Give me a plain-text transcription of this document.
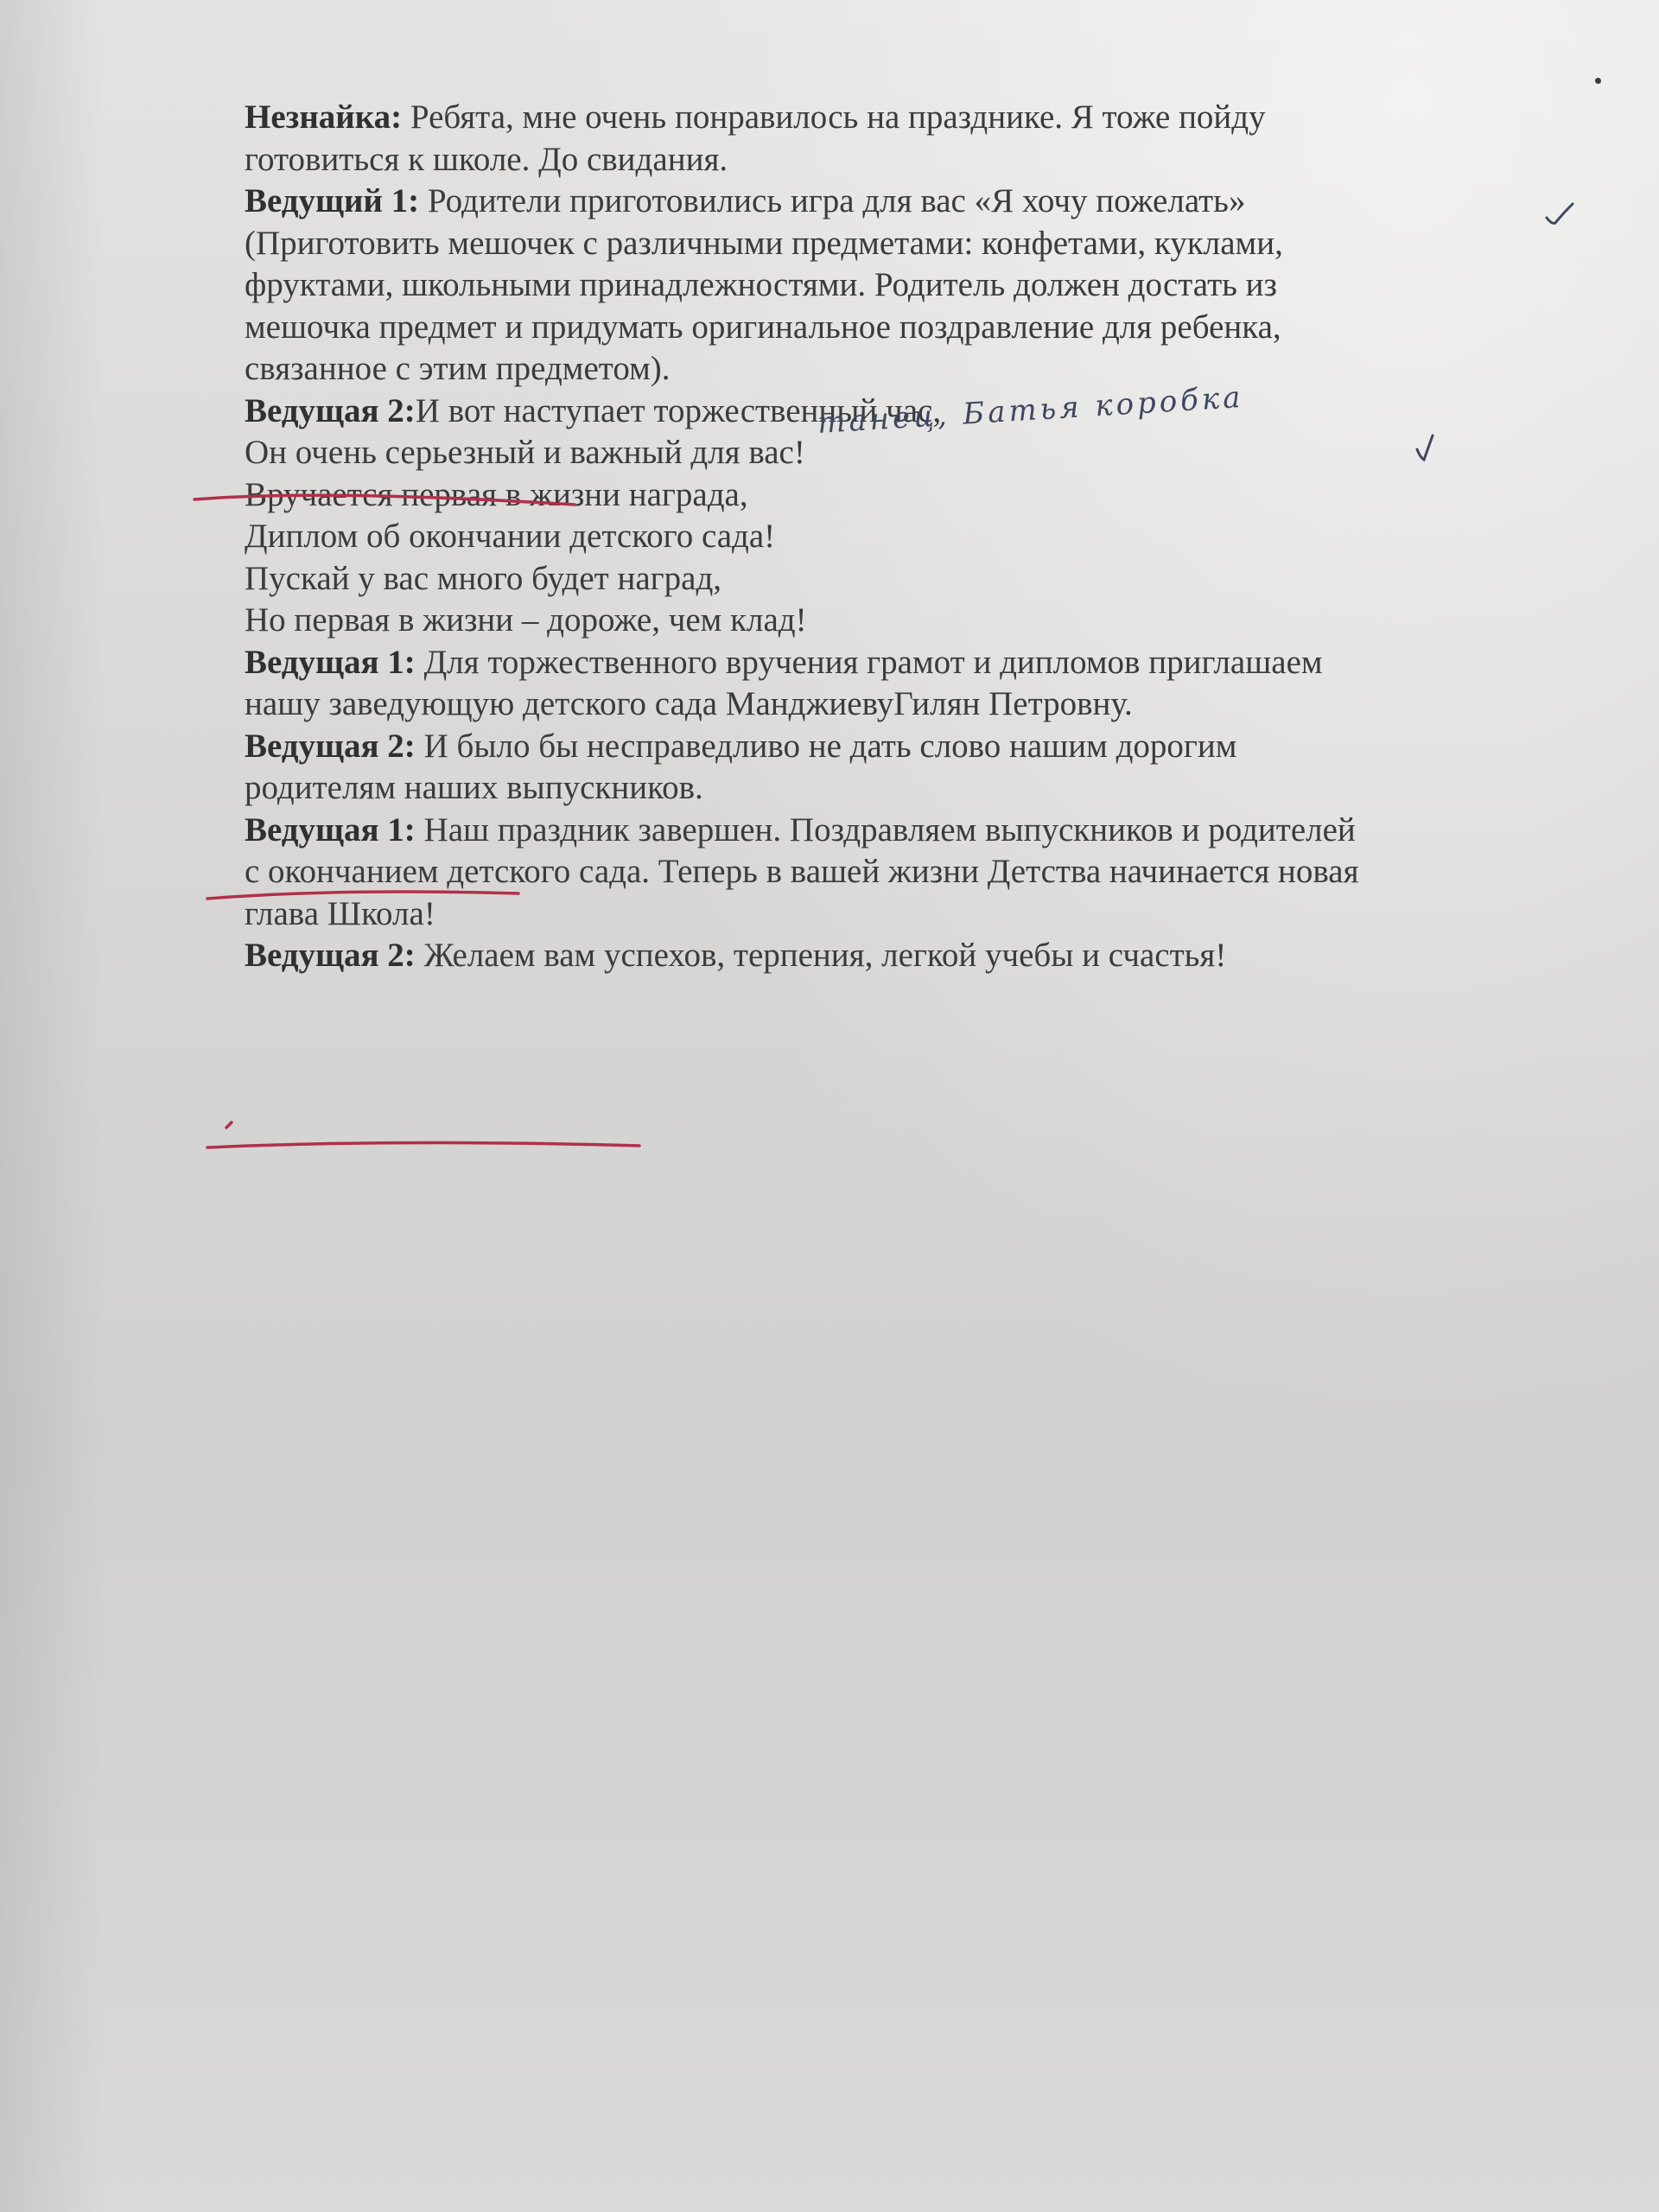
Незнайка: Ребята, мне очень понравилось на празднике. Я тоже пойду
готовиться к школе. До свидания.
Ведущий 1: Родители приготовились игра для вас «Я хочу пожелать»
(Приготовить мешочек с различными предметами: конфетами, куклами,
фруктами, школьными принадлежностями. Родитель должен достать из
мешочка предмет и придумать оригинальное поздравление для ребенка,
связанное с этим предметом).
Ведущая 2:И вот наступает торжественный час,
Он очень серьезный и важный для вас!
Вручается первая в жизни награда,
Диплом об окончании детского сада!
Пускай у вас много будет наград,
Но первая в жизни – дороже, чем клад!
Ведущая 1: Для торжественного вручения грамот и дипломов приглашаем
нашу заведующую детского сада МанджиевуГилян Петровну.
Ведущая 2: И было бы несправедливо не дать слово нашим дорогим
родителям наших выпускников.
Ведущая 1: Наш праздник завершен. Поздравляем выпускников и родителей
с окончанием детского сада. Теперь в вашей жизни Детства начинается новая
глава Школа!
Ведущая 2: Желаем вам успехов, терпения, легкой учебы и счастья!
танец, Батья коробка
